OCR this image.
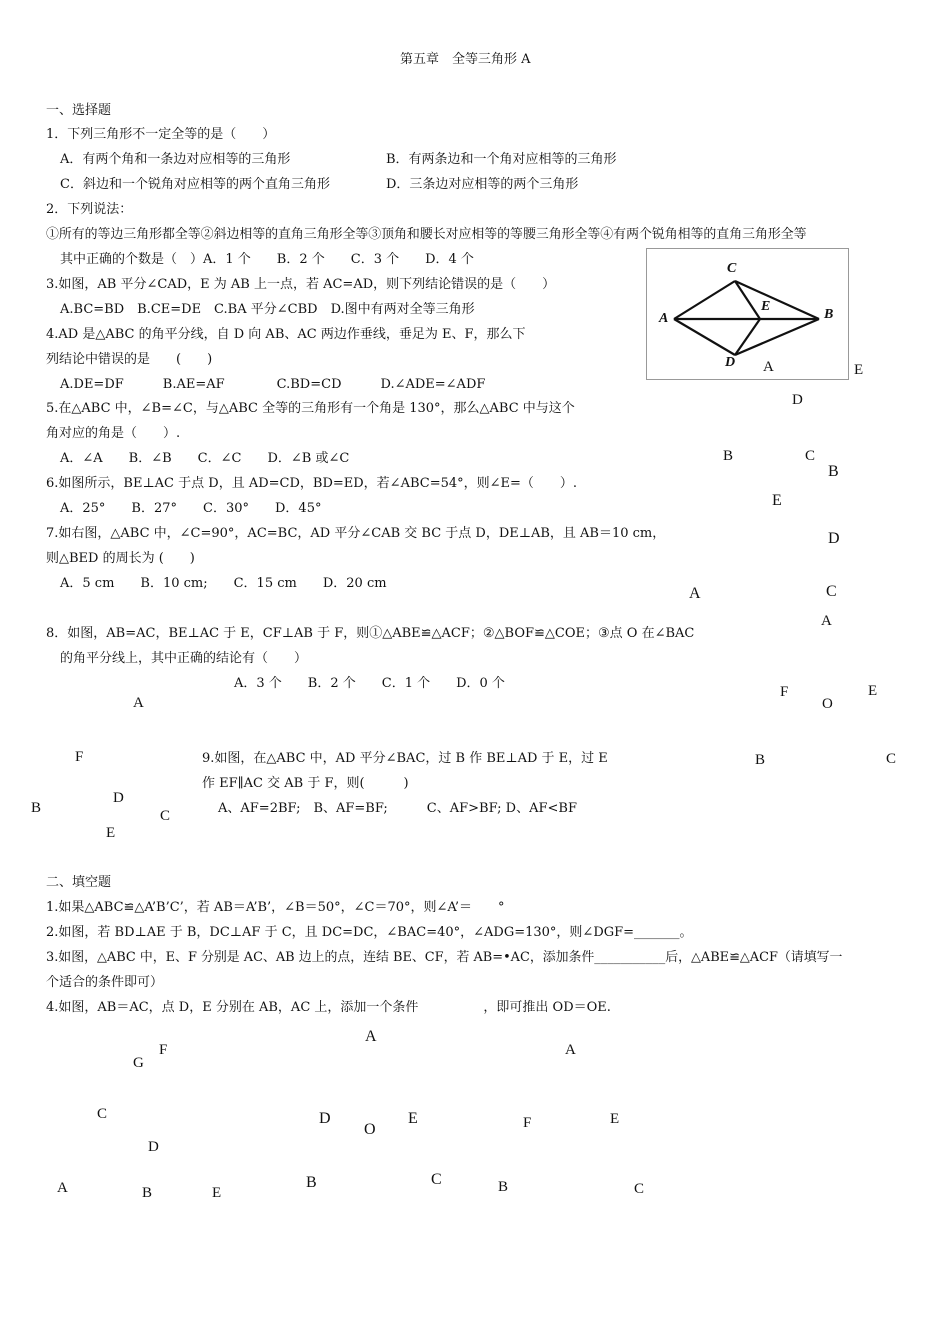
第五章　全等三角形 A
一、选择题
1．下列三角形不一定全等的是（　　）
A．有两个角和一条边对应相等的三角形	B．有两条边和一个角对应相等的三角形
C．斜边和一个锐角对应相等的两个直角三角形	D．三条边对应相等的两个三角形
2．下列说法：
①所有的等边三角形都全等②斜边相等的直角三角形全等③顶角和腰长对应相等的等腰三角形全等④有两个锐角相等的直角三角形全等
其中正确的个数是（　）A．1 个　　B．2 个　　C．3 个　　D．4 个
3.如图，AB 平分∠CAD，E 为 AB 上一点，若 AC=AD，则下列结论错误的是（　　）
A.BC=BD　B.CE=DE　C.BA 平分∠CBD　D.图中有两对全等三角形
C
A
E
B
D
4.AD 是△ABC 的角平分线，自 D 向 AB、AC 两边作垂线，垂足为 E、F，那么下
列结论中错误的是　　(　　)
A.DE=DF　　　B.AE=AF　　　　C.BD=CD　　　D.∠ADE=∠ADF
5.在△ABC 中，∠B=∠C，与△ABC 全等的三角形有一个角是 130°，那么△ABC 中与这个
角对应的角是（　　）.
A．∠A　　B．∠B　　C．∠C　　D．∠B 或∠C
6.如图所示，BE⊥AC 于点 D，且 AD=CD，BD=ED，若∠ABC=54°，则∠E=（　　）.
A．25°　　B．27°　　C．30°　　D．45°
7.如右图，△ABC 中，∠C=90°，AC=BC，AD 平分∠CAB 交 BC 于点 D，DE⊥AB，且 AB＝10 cm，
则△BED 的周长为 (　　)
A．5 cm　　B．10 cm;　　C．15 cm　　D．20 cm
8．如图，AB=AC，BE⊥AC 于 E，CF⊥AB 于 F，则①△ABE≌△ACF；②△BOF≌△COE；③点 O 在∠BAC
的角平分线上，其中正确的结论有（　　）
A．3 个　　B．2 个　　C．1 个　　D．0 个
9.如图，在△ABC 中，AD 平分∠BAC，过 B 作 BE⊥AD 于 E，过 E
作 EF∥AC 交 AB 于 F，则(　　　)
A、AF=2BF;　B、AF=BF;　　　C、AF>BF; D、AF<BF
二、填空题
1.如果△ABC≌△A’B’C’，若 AB＝A’B’，∠B＝50°，∠C＝70°，则∠A’＝　　°
2.如图，若 BD⊥AE 于 B，DC⊥AF 于 C，且 DC=DC，∠BAC=40°，∠ADG=130°，则∠DGF=_______。
3.如图，△ABC 中，E、F 分别是 AC、AB 边上的点，连结 BE、CF，若 AB=•AC，添加条件___________后，△ABE≌△ACF（请填写一
个适合的条件即可）
4.如图，AB＝AC，点 D，E 分别在 AB，AC 上，添加一个条件　　　　　，即可推出 OD＝OE.
A	E
D
B	C
B
E
D
A	C
A
F	E
O
A
F	B	C
D
B	C
E
A
F
G
A
C	D	E
O	F	E
D
A	B	E
B	C	B	C
